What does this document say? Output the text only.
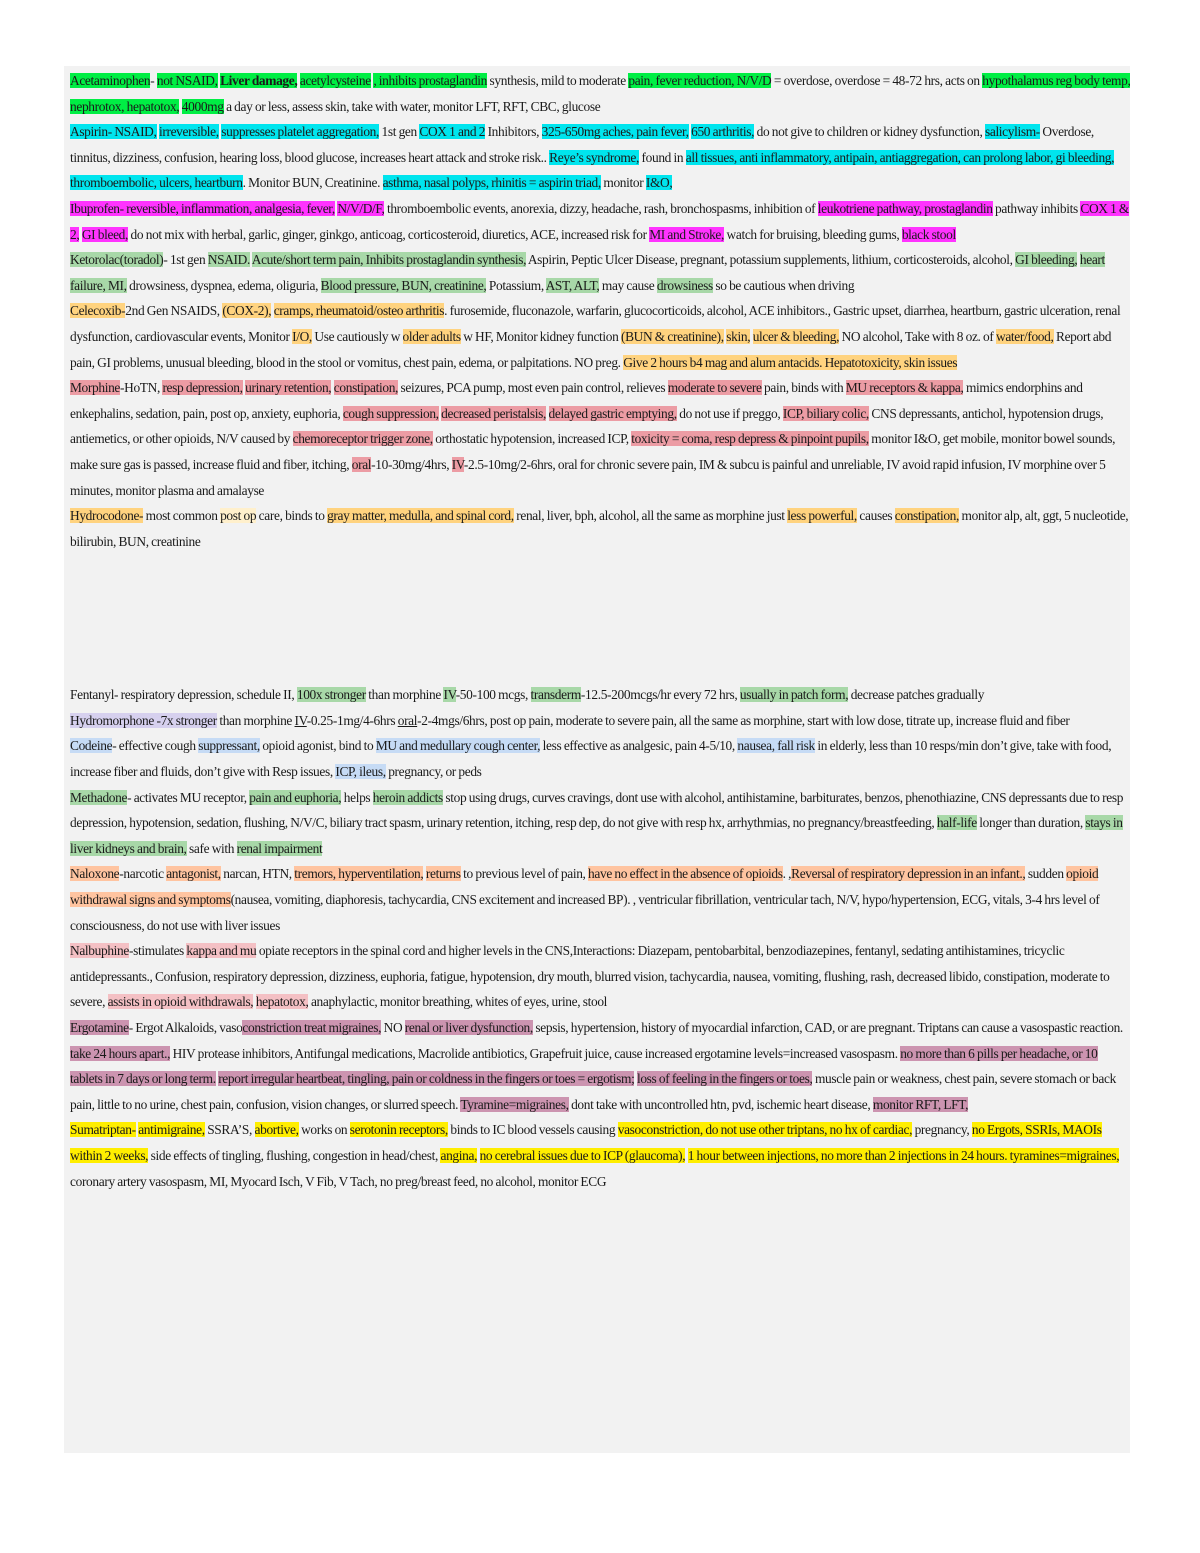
Acetaminophen- not NSAID, Liver damage, acetylcysteine , inhibits prostaglandin synthesis, mild to moderate pain, fever reduction, N/V/D = overdose, overdose = 48-72 hrs, acts on hypothalamus reg body temp, nephrotox, hepatotox, 4000mg a day or less, assess skin, take with water, monitor LFT, RFT, CBC, glucose

Aspirin- NSAID, irreversible, suppresses platelet aggregation, 1st gen COX 1 and 2 Inhibitors, 325-650mg aches, pain fever, 650 arthritis, do not give to children or kidney dysfunction, salicylism- Overdose, tinnitus, dizziness, confusion, hearing loss, blood glucose, increases heart attack and stroke risk.. Reye’s syndrome, found in all tissues, anti inflammatory, antipain, antiaggregation, can prolong labor, gi bleeding, thromboembolic, ulcers, heartburn. Monitor BUN, Creatinine. asthma, nasal polyps, rhinitis = aspirin triad, monitor I&O,

Ibuprofen- reversible, inflammation, analgesia, fever, N/V/D/F, thromboembolic events, anorexia, dizzy, headache, rash, bronchospasms, inhibition of leukotriene pathway, prostaglandin pathway inhibits COX 1 & 2, GI bleed, do not mix with herbal, garlic, ginger, ginkgo, anticoag, corticosteroid, diuretics, ACE, increased risk for MI and Stroke, watch for bruising, bleeding gums, black stool

Ketorolac(toradol)- 1st gen NSAID. Acute/short term pain, Inhibits prostaglandin synthesis, Aspirin, Peptic Ulcer Disease, pregnant, potassium supplements, lithium, corticosteroids, alcohol, GI bleeding, heart failure, MI, drowsiness, dyspnea, edema, oliguria, Blood pressure, BUN, creatinine, Potassium, AST, ALT, may cause drowsiness so be cautious when driving

Celecoxib-2nd Gen NSAIDS, (COX-2), cramps, rheumatoid/osteo arthritis. furosemide, fluconazole, warfarin, glucocorticoids, alcohol, ACE inhibitors., Gastric upset, diarrhea, heartburn, gastric ulceration, renal dysfunction, cardiovascular events, Monitor I/O, Use cautiously w older adults w HF, Monitor kidney function (BUN & creatinine), skin, ulcer & bleeding, NO alcohol, Take with 8 oz. of water/food, Report abd pain, GI problems, unusual bleeding, blood in the stool or vomitus, chest pain, edema, or palpitations. NO preg. Give 2 hours b4 mag and alum antacids. Hepatotoxicity, skin issues

Morphine-HoTN, resp depression, urinary retention, constipation, seizures, PCA pump, most even pain control, relieves moderate to severe pain, binds with MU receptors & kappa, mimics endorphins and enkephalins, sedation, pain, post op, anxiety, euphoria, cough suppression, decreased peristalsis, delayed gastric emptying, do not use if preggo, ICP, biliary colic, CNS depressants, antichol, hypotension drugs, antiemetics, or other opioids, N/V caused by chemoreceptor trigger zone, orthostatic hypotension, increased ICP, toxicity = coma, resp depress & pinpoint pupils, monitor I&O, get mobile, monitor bowel sounds, make sure gas is passed, increase fluid and fiber, itching, oral-10-30mg/4hrs, IV-2.5-10mg/2-6hrs, oral for chronic severe pain, IM & subcu is painful and unreliable, IV avoid rapid infusion, IV morphine over 5 minutes, monitor plasma and amalayse

Hydrocodone- most common post op care, binds to gray matter, medulla, and spinal cord, renal, liver, bph, alcohol, all the same as morphine just less powerful, causes constipation, monitor alp, alt, ggt, 5 nucleotide, bilirubin, BUN, creatinine

Fentanyl- respiratory depression, schedule II, 100x stronger than morphine IV-50-100 mcgs, transderm-12.5-200mcgs/hr every 72 hrs, usually in patch form, decrease patches gradually

Hydromorphone -7x stronger than morphine IV-0.25-1mg/4-6hrs oral-2-4mgs/6hrs, post op pain, moderate to severe pain, all the same as morphine, start with low dose, titrate up, increase fluid and fiber

Codeine- effective cough suppressant, opioid agonist, bind to MU and medullary cough center, less effective as analgesic, pain 4-5/10, nausea, fall risk in elderly, less than 10 resps/min don’t give, take with food, increase fiber and fluids, don’t give with Resp issues, ICP, ileus, pregnancy, or peds

Methadone- activates MU receptor, pain and euphoria, helps heroin addicts stop using drugs, curves cravings, dont use with alcohol, antihistamine, barbiturates, benzos, phenothiazine, CNS depressants due to resp depression, hypotension, sedation, flushing, N/V/C, biliary tract spasm, urinary retention, itching, resp dep, do not give with resp hx, arrhythmias, no pregnancy/breastfeeding, half-life longer than duration, stays in liver kidneys and brain, safe with renal impairment

Naloxone-narcotic antagonist, narcan, HTN, tremors, hyperventilation, returns to previous level of pain, have no effect in the absence of opioids. ,Reversal of respiratory depression in an infant., sudden opioid withdrawal signs and symptoms(nausea, vomiting, diaphoresis, tachycardia, CNS excitement and increased BP). , ventricular fibrillation, ventricular tach, N/V, hypo/hypertension, ECG, vitals, 3-4 hrs level of consciousness, do not use with liver issues

Nalbuphine-stimulates kappa and mu opiate receptors in the spinal cord and higher levels in the CNS,Interactions: Diazepam, pentobarbital, benzodiazepines, fentanyl, sedating antihistamines, tricyclic antidepressants., Confusion, respiratory depression, dizziness, euphoria, fatigue, hypotension, dry mouth, blurred vision, tachycardia, nausea, vomiting, flushing, rash, decreased libido, constipation, moderate to severe, assists in opioid withdrawals, hepatotox, anaphylactic, monitor breathing, whites of eyes, urine, stool

Ergotamine- Ergot Alkaloids, vasoconstriction treat migraines, NO renal or liver dysfunction, sepsis, hypertension, history of myocardial infarction, CAD, or are pregnant. Triptans can cause a vasospastic reaction. take 24 hours apart., HIV protease inhibitors, Antifungal medications, Macrolide antibiotics, Grapefruit juice, cause increased ergotamine levels=increased vasospasm. no more than 6 pills per headache, or 10 tablets in 7 days or long term. report irregular heartbeat, tingling, pain or coldness in the fingers or toes = ergotism; loss of feeling in the fingers or toes, muscle pain or weakness, chest pain, severe stomach or back pain, little to no urine, chest pain, confusion, vision changes, or slurred speech. Tyramine=migraines, dont take with uncontrolled htn, pvd, ischemic heart disease, monitor RFT, LFT,

Sumatriptan- antimigraine, SSRA’S, abortive, works on serotonin receptors, binds to IC blood vessels causing vasoconstriction, do not use other triptans, no hx of cardiac, pregnancy, no Ergots, SSRIs, MAOIs within 2 weeks, side effects of tingling, flushing, congestion in head/chest, angina, no cerebral issues due to ICP (glaucoma), 1 hour between injections, no more than 2 injections in 24 hours. tyramines=migraines, coronary artery vasospasm, MI, Myocard Isch, V Fib, V Tach, no preg/breast feed, no alcohol, monitor ECG
